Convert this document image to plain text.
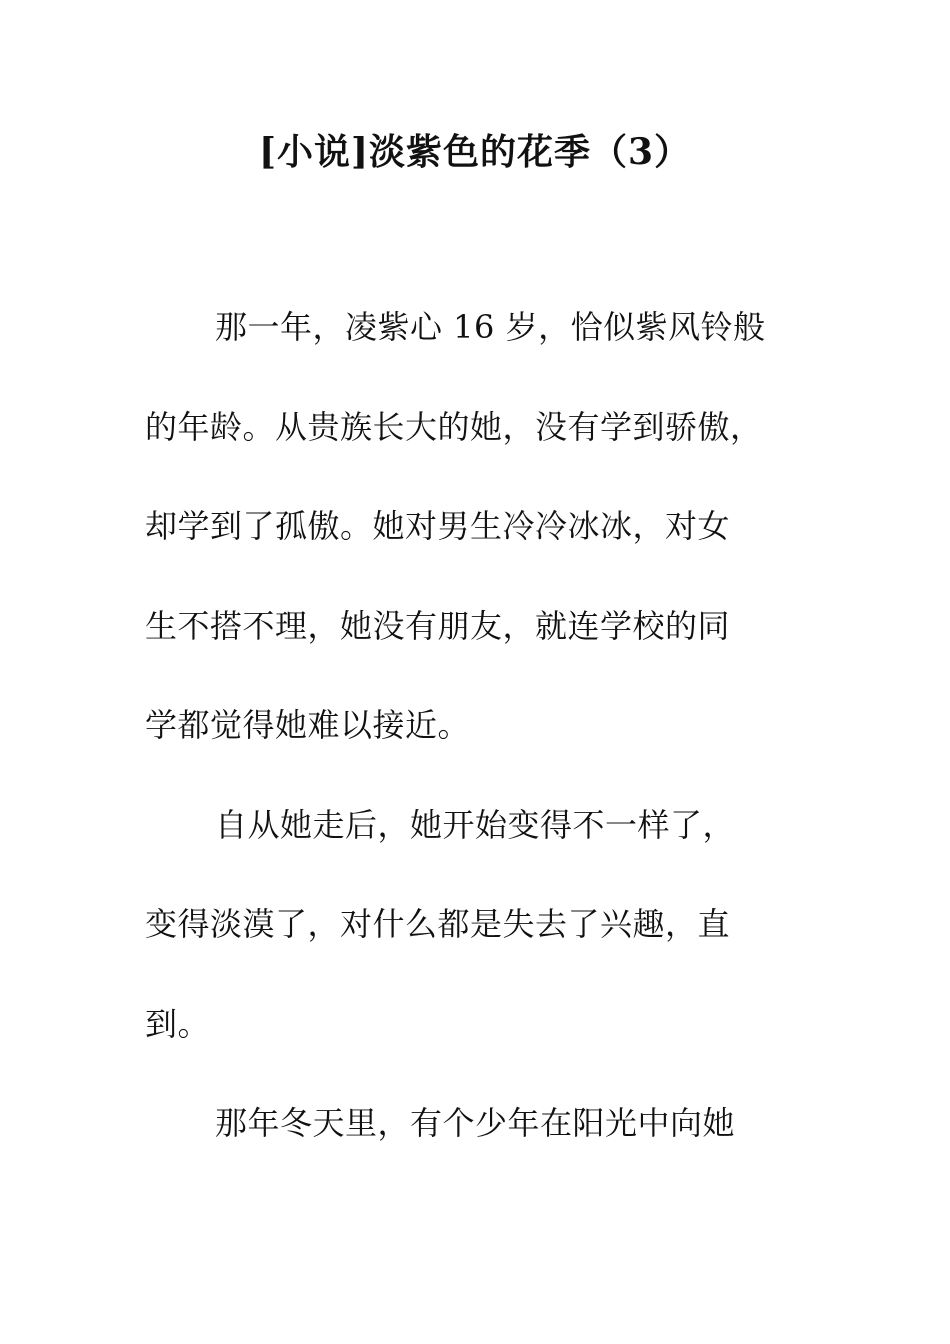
[小说]淡紫色的花季（3）
那一年，凌紫心 16 岁，恰似紫风铃般
的年龄。从贵族长大的她，没有学到骄傲，
却学到了孤傲。她对男生冷冷冰冰，对女
生不搭不理，她没有朋友，就连学校的同
学都觉得她难以接近。
自从她走后，她开始变得不一样了，
变得淡漠了，对什么都是失去了兴趣，直
到。
那年冬天里，有个少年在阳光中向她
